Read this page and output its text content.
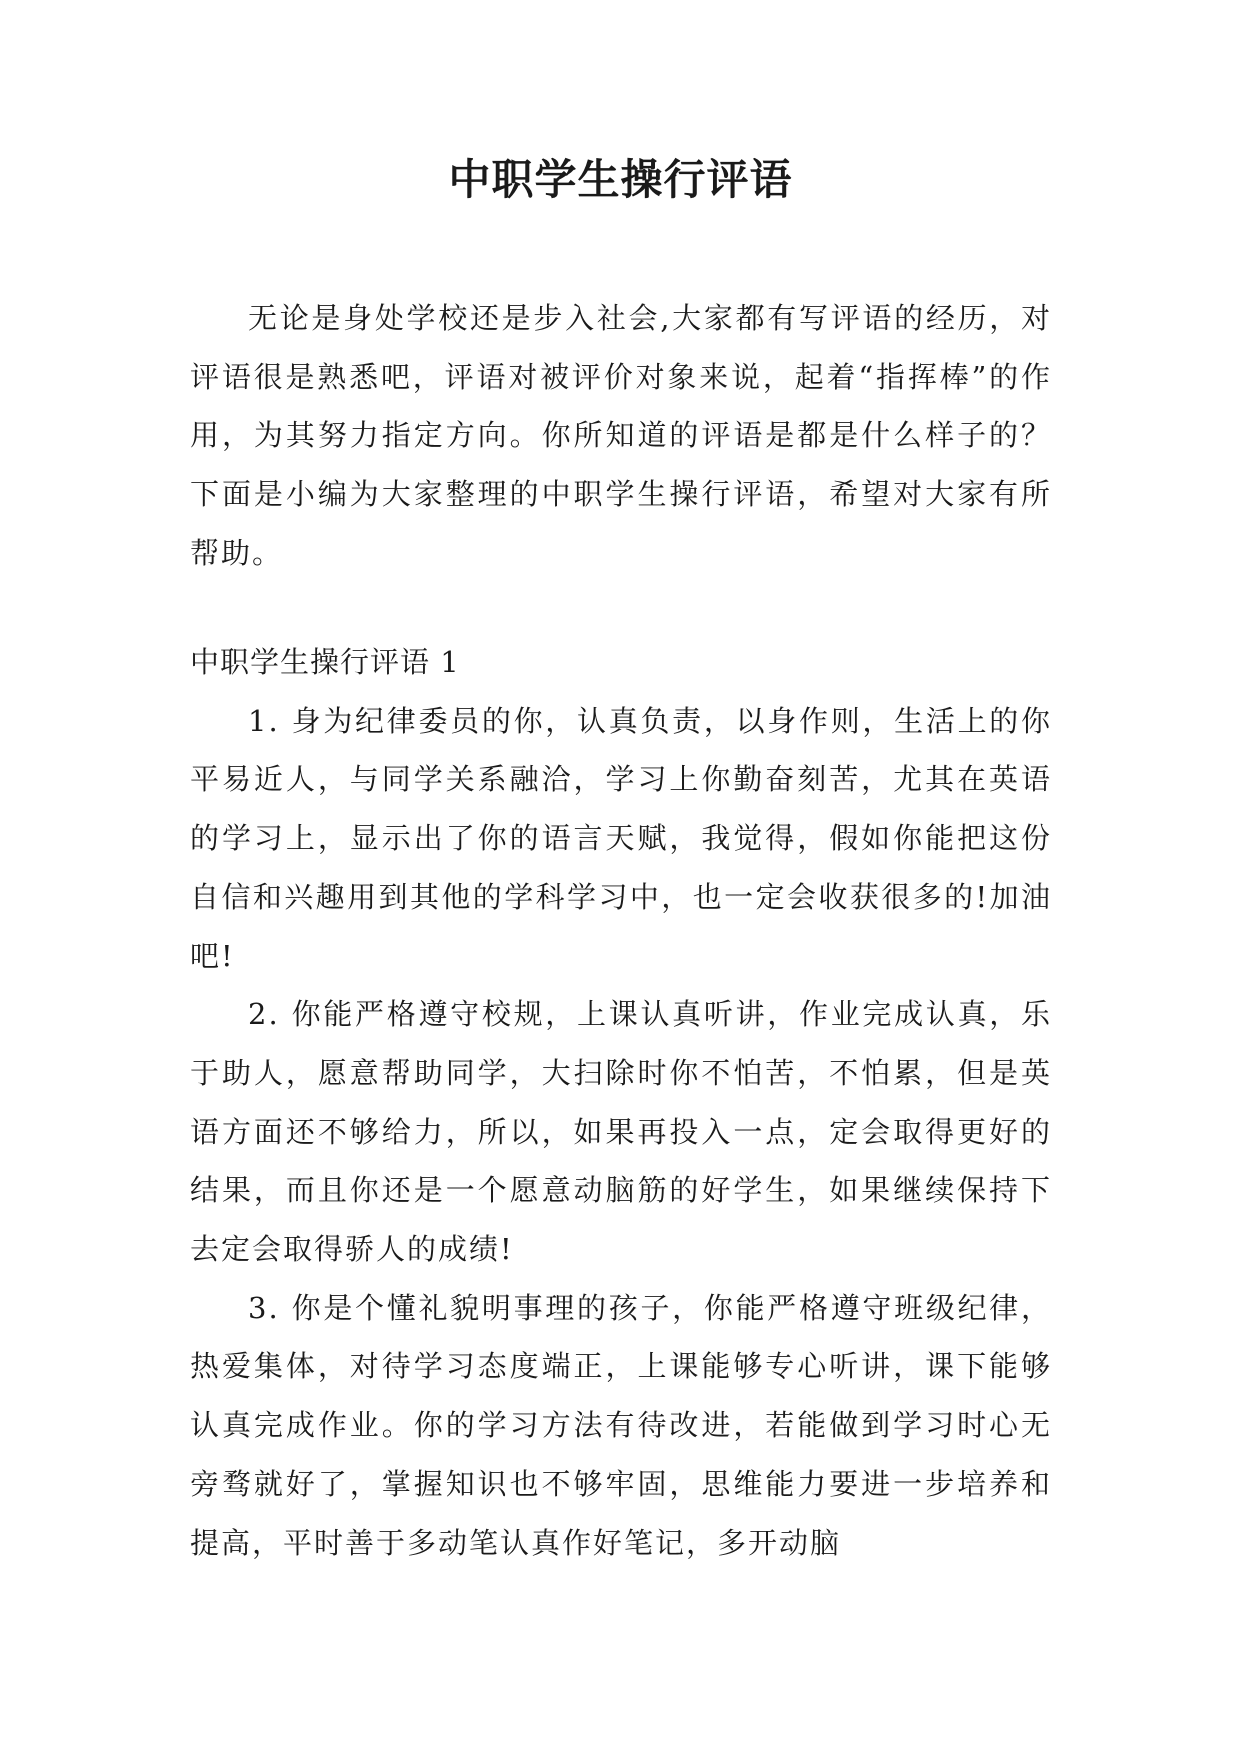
中职学生操行评语

无论是身处学校还是步入社会,大家都有写评语的经历，对评语很是熟悉吧，评语对被评价对象来说，起着“指挥棒”的作用，为其努力指定方向。你所知道的评语是都是什么样子的？下面是小编为大家整理的中职学生操行评语，希望对大家有所帮助。

中职学生操行评语 1

1. 身为纪律委员的你，认真负责，以身作则，生活上的你平易近人，与同学关系融洽，学习上你勤奋刻苦，尤其在英语的学习上，显示出了你的语言天赋，我觉得，假如你能把这份自信和兴趣用到其他的学科学习中，也一定会收获很多的!加油吧!

2. 你能严格遵守校规，上课认真听讲，作业完成认真，乐于助人，愿意帮助同学，大扫除时你不怕苦，不怕累，但是英语方面还不够给力，所以，如果再投入一点，定会取得更好的结果，而且你还是一个愿意动脑筋的好学生，如果继续保持下去定会取得骄人的成绩!

3. 你是个懂礼貌明事理的孩子，你能严格遵守班级纪律，热爱集体，对待学习态度端正，上课能够专心听讲，课下能够认真完成作业。你的学习方法有待改进，若能做到学习时心无旁骛就好了，掌握知识也不够牢固，思维能力要进一步培养和提高，平时善于多动笔认真作好笔记，多开动脑
